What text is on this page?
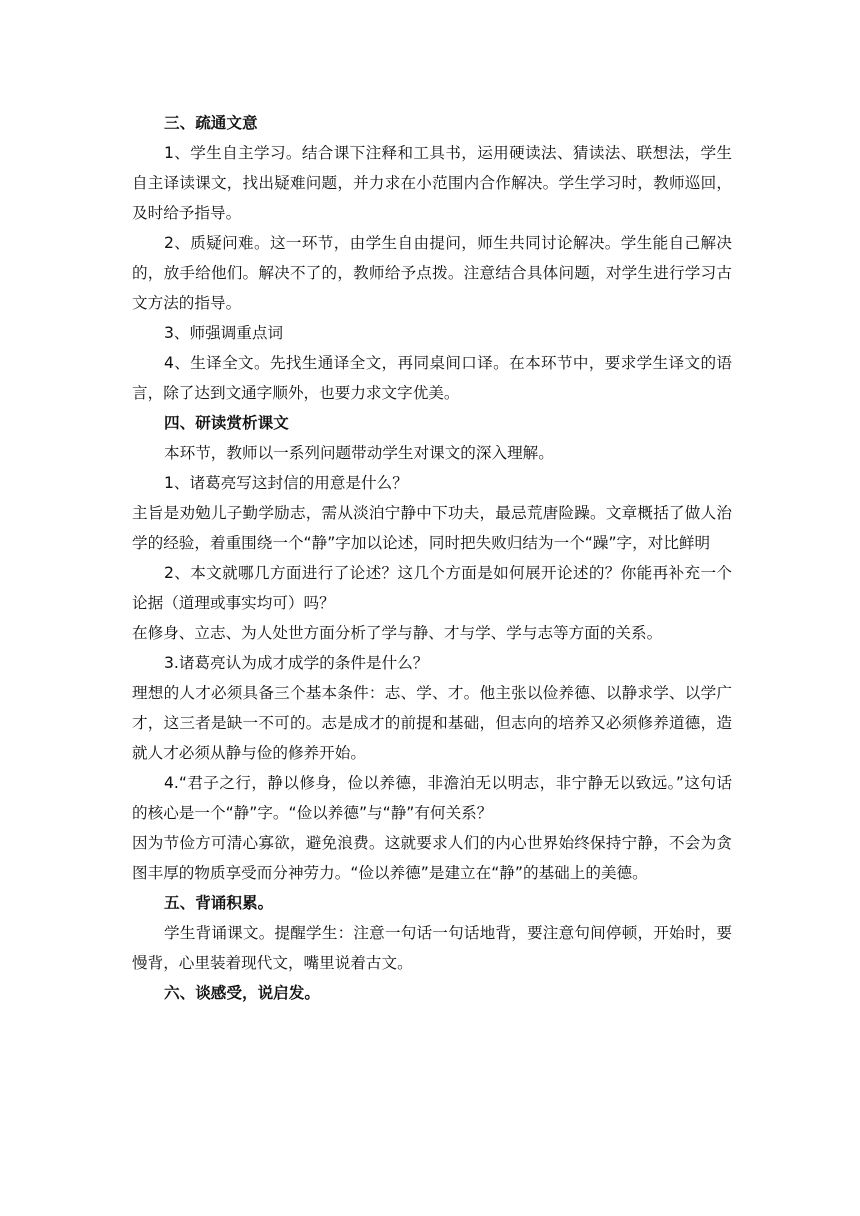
三、疏通文意

1、学生自主学习。结合课下注释和工具书，运用硬读法、猜读法、联想法，学生自主译读课文，找出疑难问题，并力求在小范围内合作解决。学生学习时，教师巡回，及时给予指导。

2、质疑问难。这一环节，由学生自由提问，师生共同讨论解决。学生能自己解决的，放手给他们。解决不了的，教师给予点拨。注意结合具体问题，对学生进行学习古文方法的指导。

3、师强调重点词

4、生译全文。先找生通译全文，再同桌间口译。在本环节中，要求学生译文的语言，除了达到文通字顺外，也要力求文字优美。

四、研读赏析课文
本环节，教师以一系列问题带动学生对课文的深入理解。
1、诸葛亮写这封信的用意是什么？

主旨是劝勉儿子勤学励志，需从淡泊宁静中下功夫，最忌荒唐险躁。文章概括了做人治学的经验，着重围绕一个“静”字加以论述，同时把失败归结为一个“躁”字，对比鲜明

2、本文就哪几方面进行了论述？这几个方面是如何展开论述的？你能再补充一个论据（道理或事实均可）吗？

在修身、立志、为人处世方面分析了学与静、才与学、学与志等方面的关系。
3.诸葛亮认为成才成学的条件是什么？

理想的人才必须具备三个基本条件：志、学、才。他主张以俭养德、以静求学、以学广才，这三者是缺一不可的。志是成才的前提和基础，但志向的培养又必须修养道德，造就人才必须从静与俭的修养开始。

4.“君子之行，静以修身，俭以养德，非澹泊无以明志，非宁静无以致远。”这句话的核心是一个“静”字。“俭以养德”与“静”有何关系？

因为节俭方可清心寡欲，避免浪费。这就要求人们的内心世界始终保持宁静，不会为贪图丰厚的物质享受而分神劳力。“俭以养德”是建立在“静”的基础上的美德。

五、背诵积累。

学生背诵课文。提醒学生：注意一句话一句话地背，要注意句间停顿，开始时，要慢背，心里装着现代文，嘴里说着古文。

六、谈感受，说启发。
